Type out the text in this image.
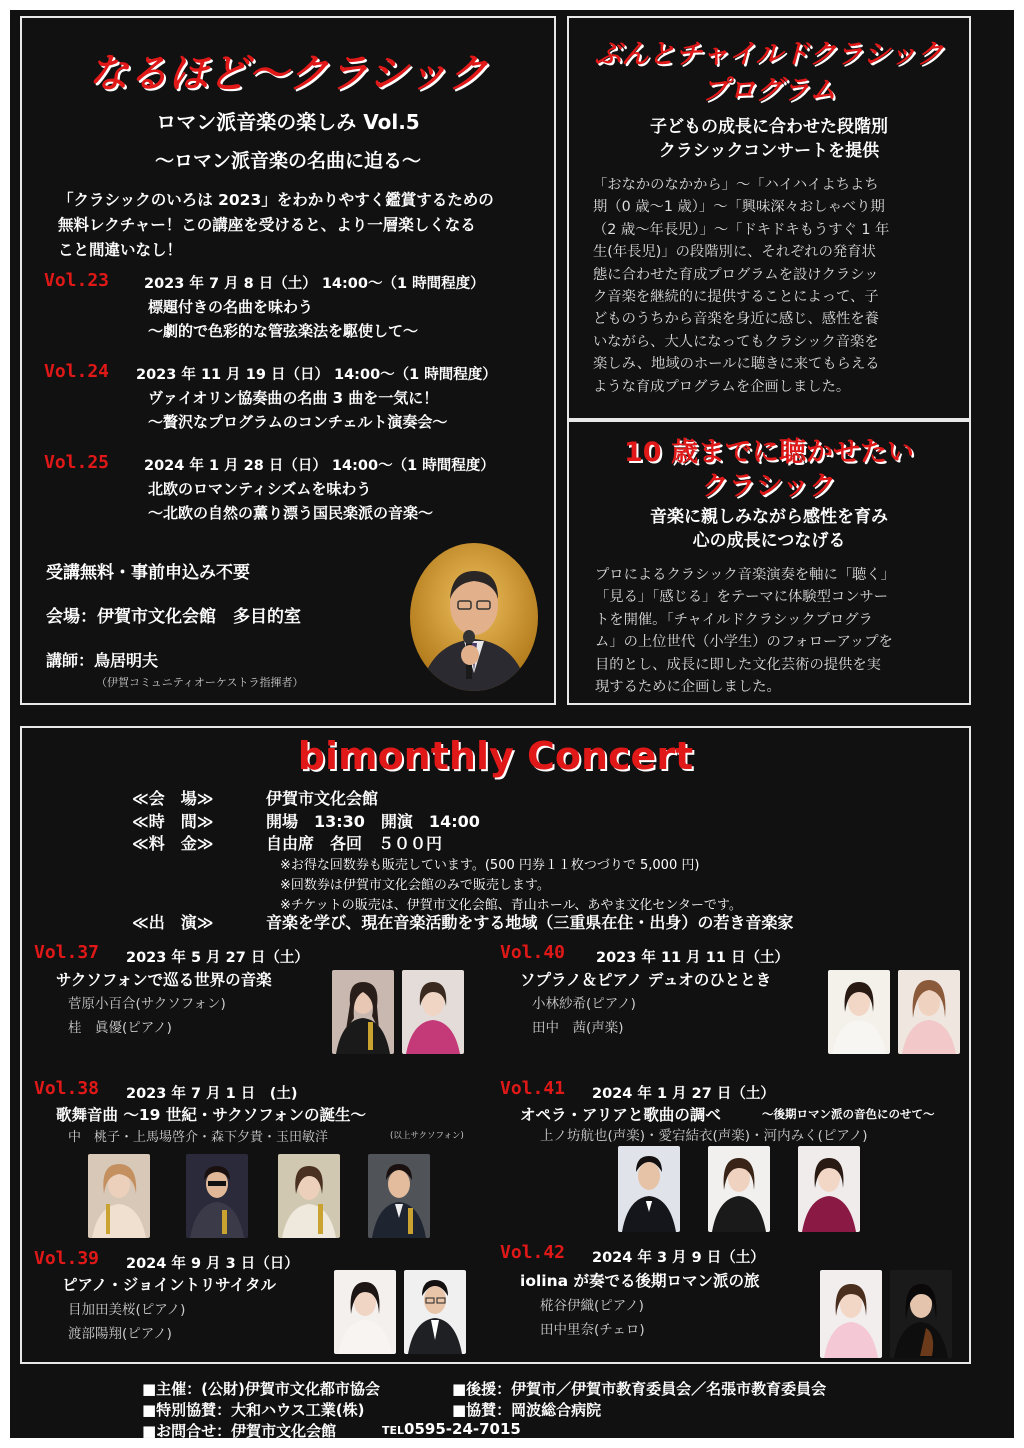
なるほど～クラシック
ロマン派音楽の楽しみ Vol.5
～ロマン派音楽の名曲に迫る～
「クラシックのいろは 2023」をわかりやすく鑑賞するための
無料レクチャー！この講座を受けると、より一層楽しくなる
こと間違いなし！
Vol.23 2023 年 7 月 8 日（土） 14:00～（1 時間程度）
標題付きの名曲を味わう
～劇的で色彩的な管弦楽法を駆使して～
Vol.24 2023 年 11 月 19 日（日） 14:00～（1 時間程度）
ヴァイオリン協奏曲の名曲 3 曲を一気に！
～贅沢なプログラムのコンチェルト演奏会～
Vol.25 2024 年 1 月 28 日（日） 14:00～（1 時間程度）
北欧のロマンティシズムを味わう
～北欧の自然の薫り漂う国民楽派の音楽～
受講無料・事前申込み不要
会場：伊賀市文化会館　多目的室
講師：鳥居明夫
（伊賀コミュニティオーケストラ指揮者）
ぶんとチャイルドクラシック
プログラム
子どもの成長に合わせた段階別
クラシックコンサートを提供
「おなかのなかから」～「ハイハイよちよち
期（0 歳～1 歳）」～「興味深々おしゃべり期
（2 歳～年長児）」～「ドキドキもうすぐ 1 年
生(年長児)」の段階別に、それぞれの発育状
態に合わせた育成プログラムを設けクラシッ
ク音楽を継続的に提供することによって、子
どものうちから音楽を身近に感じ、感性を養
いながら、大人になってもクラシック音楽を
楽しみ、地域のホールに聴きに来てもらえる
ような育成プログラムを企画しました。
10 歳までに聴かせたい
クラシック
音楽に親しみながら感性を育み
心の成長につなげる
プロによるクラシック音楽演奏を軸に「聴く」
「見る」「感じる」をテーマに体験型コンサー
トを開催。「チャイルドクラシックプログラ
ム」の上位世代（小学生）のフォローアップを
目的とし、成長に即した文化芸術の提供を実
現するために企画しました。
bimonthly Concert
≪会　場≫	伊賀市文化会館
≪時　間≫	開場　13:30　開演　14:00
≪料　金≫	自由席　各回　５００円
※お得な回数券も販売しています。(500 円券１１枚つづりで 5,000 円)
※回数券は伊賀市文化会館のみで販売します。
※チケットの販売は、伊賀市文化会館、青山ホール、あやま文化センターです。
≪出　演≫	音楽を学び、現在音楽活動をする地域（三重県在住・出身）の若き音楽家
Vol.37 2023 年 5 月 27 日（土）
サクソフォンで巡る世界の音楽
菅原小百合(サクソフォン)
桂　眞優(ピアノ)
Vol.38 2023 年 7 月 1 日　(土)
歌舞音曲 ～19 世紀・サクソフォンの誕生～
中　桃子・上馬場啓介・森下夕貴・玉田敏洋	(以上サクソフォン)
Vol.39 2024 年 9 月 3 日（日）
ピアノ・ジョイントリサイタル
目加田美桜(ピアノ)
渡部陽翔(ピアノ)
Vol.40 2023 年 11 月 11 日（土）
ソプラノ＆ピアノ デュオのひととき
小林紗希(ピアノ)
田中　茜(声楽)
Vol.41 2024 年 1 月 27 日（土）
オペラ・アリアと歌曲の調べ	～後期ロマン派の音色にのせて～
上ノ坊航也(声楽)・愛宕結衣(声楽)・河内みく(ピアノ)
Vol.42 2024 年 3 月 9 日（土）
iolina が奏でる後期ロマン派の旅
椛谷伊織(ピアノ)
田中里奈(チェロ)
■主催：(公財)伊賀市文化都市協会	■後援：伊賀市／伊賀市教育委員会／名張市教育委員会
■特別協賛：大和ハウス工業(株)	■協賛：岡波総合病院
■お問合せ：伊賀市文化会館	TEL0595-24-7015
